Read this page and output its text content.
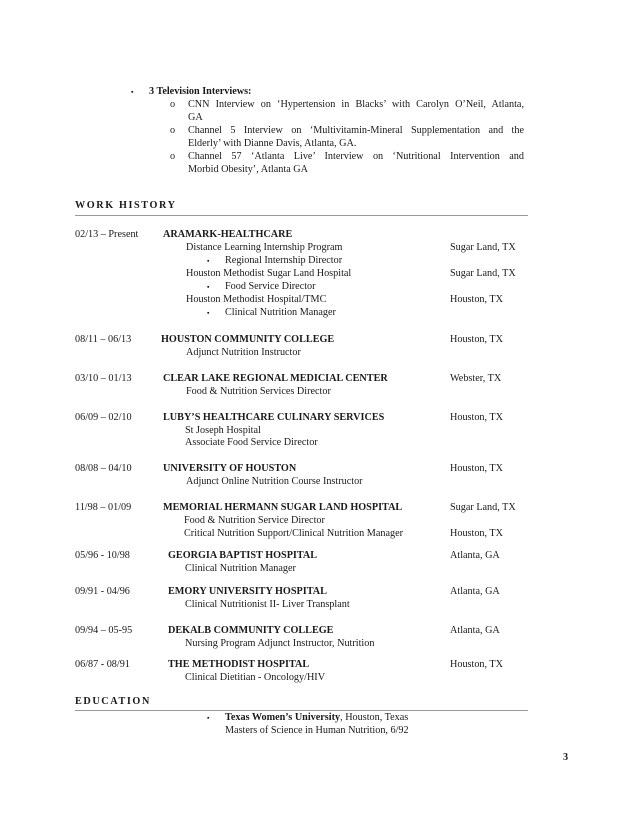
▪ 3 Television Interviews:
o CNN Interview on ‘Hypertension in Blacks’ with Carolyn O’Neil, Atlanta,
GA
o Channel 5 Interview on ‘Multivitamin-Mineral Supplementation and the
Elderly’ with Dianne Davis, Atlanta, GA.
o Channel 57 ‘Atlanta Live’ Interview on ‘Nutritional Intervention and
Morbid Obesity’, Atlanta GA
WORK HISTORY
02/13 – Present ARAMARK-HEALTHCARE
Distance Learning Internship Program	Sugar Land, TX
▪ Regional Internship Director
Houston Methodist Sugar Land Hospital	Sugar Land, TX
▪ Food Service Director
Houston Methodist Hospital/TMC	Houston, TX
▪ Clinical Nutrition Manager
08/11 – 06/13	HOUSTON COMMUNITY COLLEGE	Houston, TX
Adjunct Nutrition Instructor
03/10 – 01/13	CLEAR LAKE REGIONAL MEDICIAL CENTER	Webster, TX
Food & Nutrition Services Director
06/09 – 02/10	LUBY’S HEALTHCARE CULINARY SERVICES	Houston, TX
St Joseph Hospital
Associate Food Service Director
08/08 – 04/10	UNIVERSITY OF HOUSTON	Houston, TX
Adjunct Online Nutrition Course Instructor
11/98 – 01/09	MEMORIAL HERMANN SUGAR LAND HOSPITAL	Sugar Land, TX
Food & Nutrition Service Director
Critical Nutrition Support/Clinical Nutrition Manager	Houston, TX
05/96 - 10/98	GEORGIA BAPTIST HOSPITAL	Atlanta, GA
Clinical Nutrition Manager
09/91 - 04/96	EMORY UNIVERSITY HOSPITAL	Atlanta, GA
Clinical Nutritionist II- Liver Transplant
09/94 – 05-95	DEKALB COMMUNITY COLLEGE	Atlanta, GA
Nursing Program Adjunct Instructor, Nutrition
06/87 - 08/91	THE METHODIST HOSPITAL	Houston, TX
Clinical Dietitian - Oncology/HIV
EDUCATION
▪ Texas Women’s University, Houston, Texas
Masters of Science in Human Nutrition, 6/92
3
